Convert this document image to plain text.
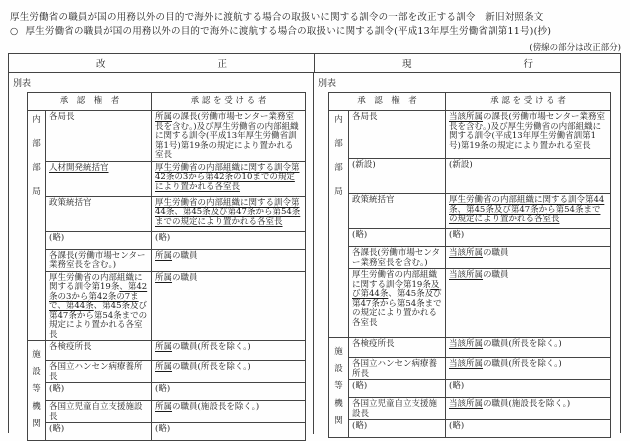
厚生労働省の職員が国の用務以外の目的で海外に渡航する場合の取扱いに関する訓令の一部を改正する訓令　新旧対照条文
○ 厚生労働省の職員が国の用務以外の目的で海外に渡航する場合の取扱いに関する訓令(平成13年厚生労働省訓第11号)(抄)
(傍線の部分は改正部分)
改	正	現	行
別表
承　認　権　者		承 認 を 受 け る 者

内
部
部
局	各局長	所属の課長(労働市場センター業務室長を含む。)及び厚生労働省の内部組織に関する訓令(平成13年厚生労働省訓第1号)第19条の規定により置かれる室長
	人材開発統括官	厚生労働省の内部組織に関する訓令第42条の3から第42条の10までの規定により置かれる各室長
	政策統括官	厚生労働省の内部組織に関する訓令第44条、第45条及び第47条から第54条までの規定により置かれる各室長
	(略)	(略)
	各課長(労働市場センター業務室長を含む。)	所属の職員
	厚生労働省の内部組織に関する訓令第19条、第42条の3から第42条の7まで、第44条、第45条及び第47条から第54条までの規定により置かれる各室長	所属の職員

施
設
等
機
関	各検疫所長	所属の職員(所長を除く。)
	各国立ハンセン病療養所長	所属の職員(所長を除く。)
	(略)	(略)
	各国立児童自立支援施設長	所属の職員(施設長を除く。)
	(略)	(略)
別表
承　認　権　者		承 認 を 受 け る 者

内
部
部
局	各局長	当該所属の課長(労働市場センター業務室長を含む。)及び厚生労働省の内部組織に関する訓令(平成13年厚生労働省訓第1号)第19条の規定により置かれる室長
	(新設)	(新設)
	政策統括官	厚生労働省の内部組織に関する訓令第44条、第45条及び第47条から第54条までの規定により置かれる各室長
	(略)	(略)
	各課長(労働市場センター業務室長を含む。)	当該所属の職員
	厚生労働省の内部組織に関する訓令第19条及び第44条、第45条及び第47条から第54条までの規定により置かれる各室長	当該所属の職員

施
設
等
機
関	各検疫所長	当該所属の職員(所長を除く。)
	各国立ハンセン病療養所長	当該所属の職員(所長を除く。)
	(略)	(略)
	各国立児童自立支援施設長	当該所属の職員(施設長を除く。)
	(略)	(略)
